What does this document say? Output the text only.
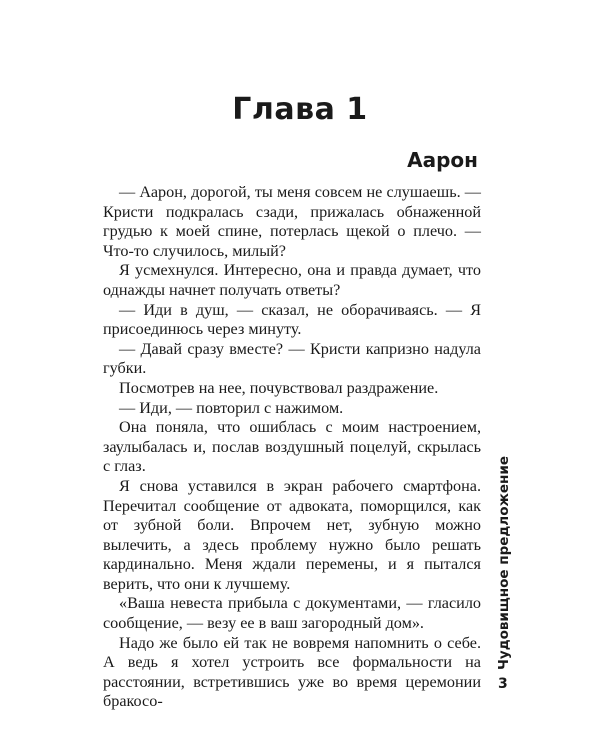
Глава 1
Аарон

— Аарон, дорогой, ты меня совсем не слушаешь. — Кристи подкралась сзади, прижалась обнаженной грудью к моей спине, потерлась щекой о плечо. — Что-то случилось, милый?

Я усмехнулся. Интересно, она и правда думает, что однажды начнет получать ответы?

— Иди в душ, — сказал, не оборачиваясь. — Я присоединюсь через минуту.

— Давай сразу вместе? — Кристи капризно надула губки.

Посмотрев на нее, почувствовал раздражение.

— Иди, — повторил с нажимом.

Она поняла, что ошиблась с моим настроением, заулыбалась и, послав воздушный поцелуй, скрылась с глаз.

Я снова уставился в экран рабочего смартфона. Перечитал сообщение от адвоката, поморщился, как от зубной боли. Впрочем нет, зубную можно вылечить, а здесь проблему нужно было решать кардинально. Меня ждали перемены, и я пытался верить, что они к лучшему.

«Ваша невеста прибыла с документами, — гласило сообщение, — везу ее в ваш загородный дом».

Надо же было ей так не вовремя напомнить о себе. А ведь я хотел устроить все формальности на расстоянии, встретившись уже во время церемонии бракосо-

Чудовищное предложение
3
